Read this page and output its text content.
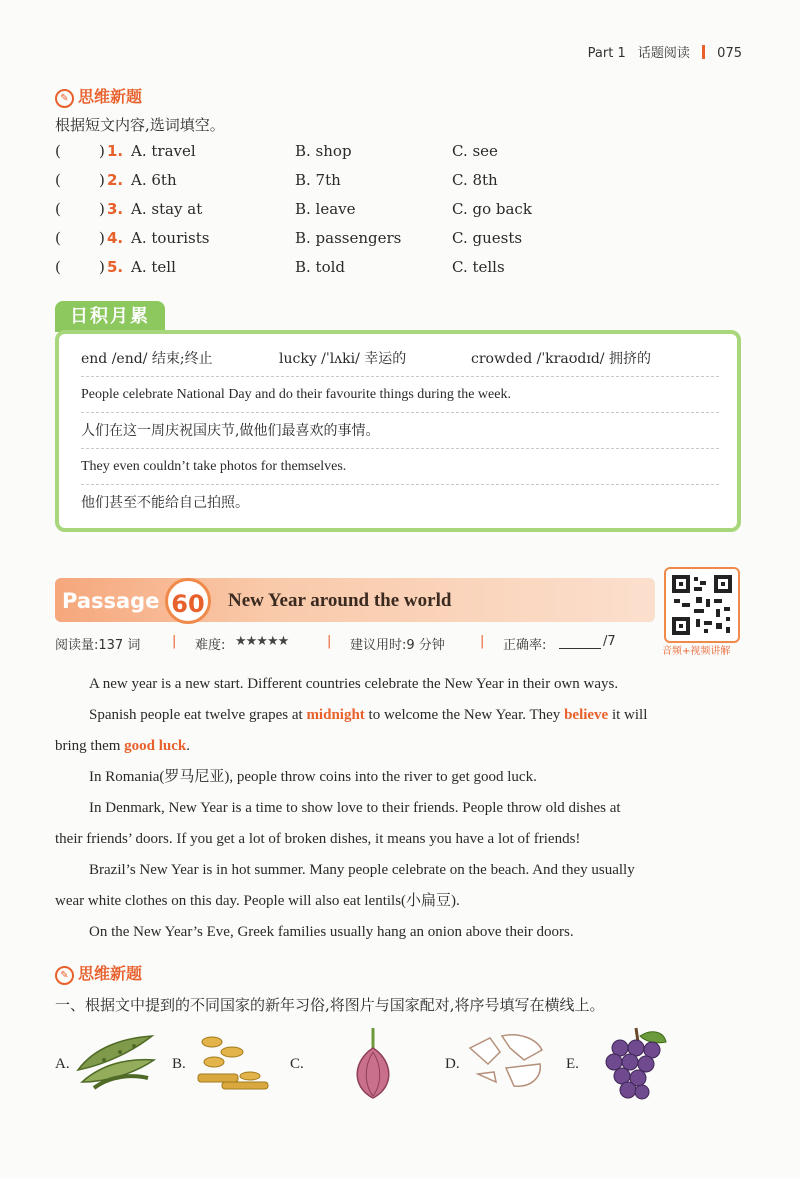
Part 1 话题阅读 075
✎ 思维新题
根据短文内容,选词填空。
(	) 1. A. travel	B. shop	C. see
(	) 2. A. 6th	B. 7th	C. 8th
(	) 3. A. stay at	B. leave	C. go back
(	) 4. A. tourists	B. passengers	C. guests
(	) 5. A. tell	B. told	C. tells
日积月累
end /end/ 结束;终止	lucky /ˈlʌki/ 幸运的	crowded /ˈkraʊdɪd/ 拥挤的
People celebrate National Day and do their favourite things during the week.
人们在这一周庆祝国庆节,做他们最喜欢的事情。
They even couldn’t take photos for themselves.
他们甚至不能给自己拍照。
Passage 60	New Year around the world
音频+视频讲解
阅读量:137 词 | 难度: ★★★★★	| 建议用时:9 分钟	| 正确率:	/7
A new year is a new start. Different countries celebrate the New Year in their own ways.
Spanish people eat twelve grapes at midnight to welcome the New Year. They believe it will
bring them good luck.
In Romania(罗马尼亚), people throw coins into the river to get good luck.
In Denmark, New Year is a time to show love to their friends. People throw old dishes at
their friends’ doors. If you get a lot of broken dishes, it means you have a lot of friends!
Brazil’s New Year is in hot summer. Many people celebrate on the beach. And they usually
wear white clothes on this day. People will also eat lentils(小扁豆).
On the New Year’s Eve, Greek families usually hang an onion above their doors.
✎ 思维新题
一、根据文中提到的不同国家的新年习俗,将图片与国家配对,将序号填写在横线上。
A.	B.	C.	D.	E.
